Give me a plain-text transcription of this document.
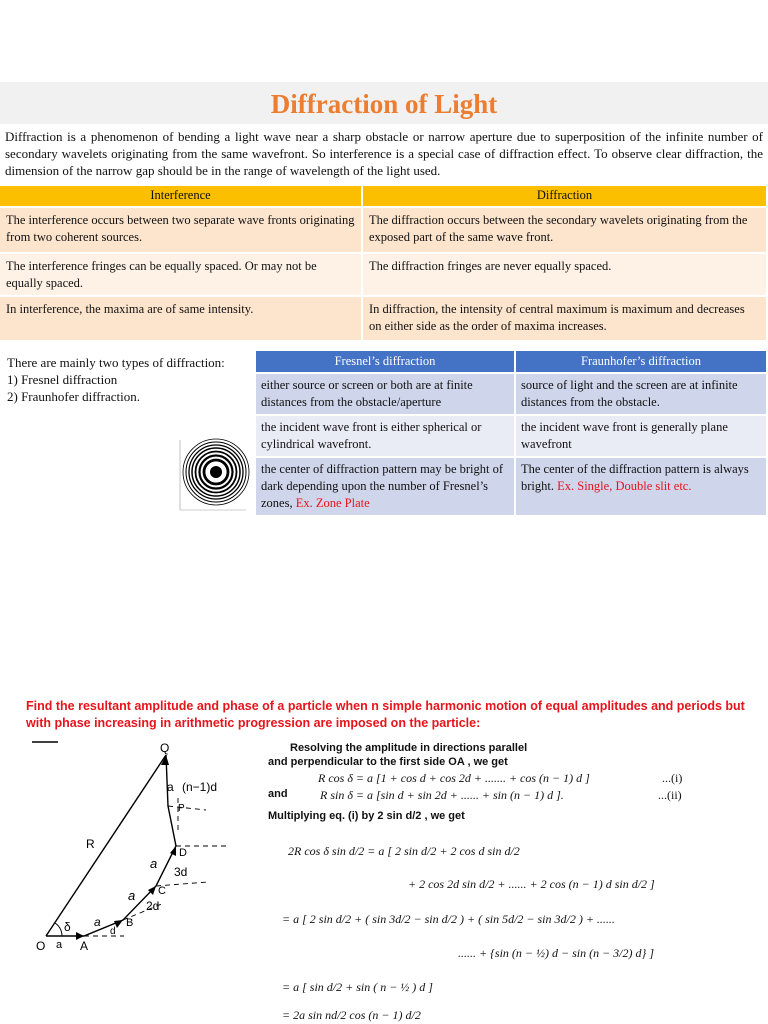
Diffraction of Light

Diffraction is a phenomenon of bending a light wave near a sharp obstacle or narrow aperture due to superposition of the infinite number of secondary wavelets originating from the same wavefront. So interference is a special case of diffraction effect. To observe clear diffraction, the dimension of the narrow gap should be in the range of wavelength of the light used.

Interference	Diffraction
The interference occurs between two separate wave fronts originating from two coherent sources.	The diffraction occurs between the secondary wavelets originating from the exposed part of the same wave front.
The interference fringes can be equally spaced. Or may not be equally spaced.	The diffraction fringes are never equally spaced.
In interference, the maxima are of same intensity.	In diffraction, the intensity of central maximum is maximum and decreases on either side as the order of maxima increases.
There are mainly two types of diffraction:
1) Fresnel diffraction
2) Fraunhofer diffraction.
Fresnel’s diffraction	Fraunhofer’s diffraction
either source or screen or both are at finite distances from the obstacle/aperture	source of light and the screen are at infinite distances from the obstacle.
the incident wave front is either spherical or cylindrical wavefront.	the incident wave front is generally plane wavefront
the center of diffraction pattern may be bright of dark depending upon the number of Fresnel’s zones, Ex. Zone Plate	The center of the diffraction pattern is always bright. Ex. Single, Double slit etc.

Find the resultant amplitude and phase of a particle when n simple harmonic motion of equal amplitudes and periods but with phase increasing in arithmetic progression are imposed on the particle:

Q
P
a (n−1)d
R
D
a
3d
C
a
2d
B
a
d
δ
O a A
Resolving the amplitude in directions parallel
and perpendicular to the first side OA , we get
R cos δ = a [1 + cos d + cos 2d + ....... + cos (n − 1) d ]	...(i)
and	R sin δ = a [sin d + sin 2d + ...... + sin (n − 1) d ].	...(ii)
Multiplying eq. (i) by 2 sin d/2 , we get
2R cos δ sin d/2 = a [ 2 sin d/2 + 2 cos d sin d/2
+ 2 cos 2d sin d/2 + ...... + 2 cos (n − 1) d sin d/2 ]
= a [ 2 sin d/2 + ( sin 3d/2 − sin d/2 ) + ( sin 5d/2 − sin 3d/2 ) + ......
...... + {sin (n − ½) d − sin (n − 3/2) d} ]
= a [ sin d/2 + sin ( n − ½ ) d ]
= 2a sin nd/2 cos (n − 1) d/2
